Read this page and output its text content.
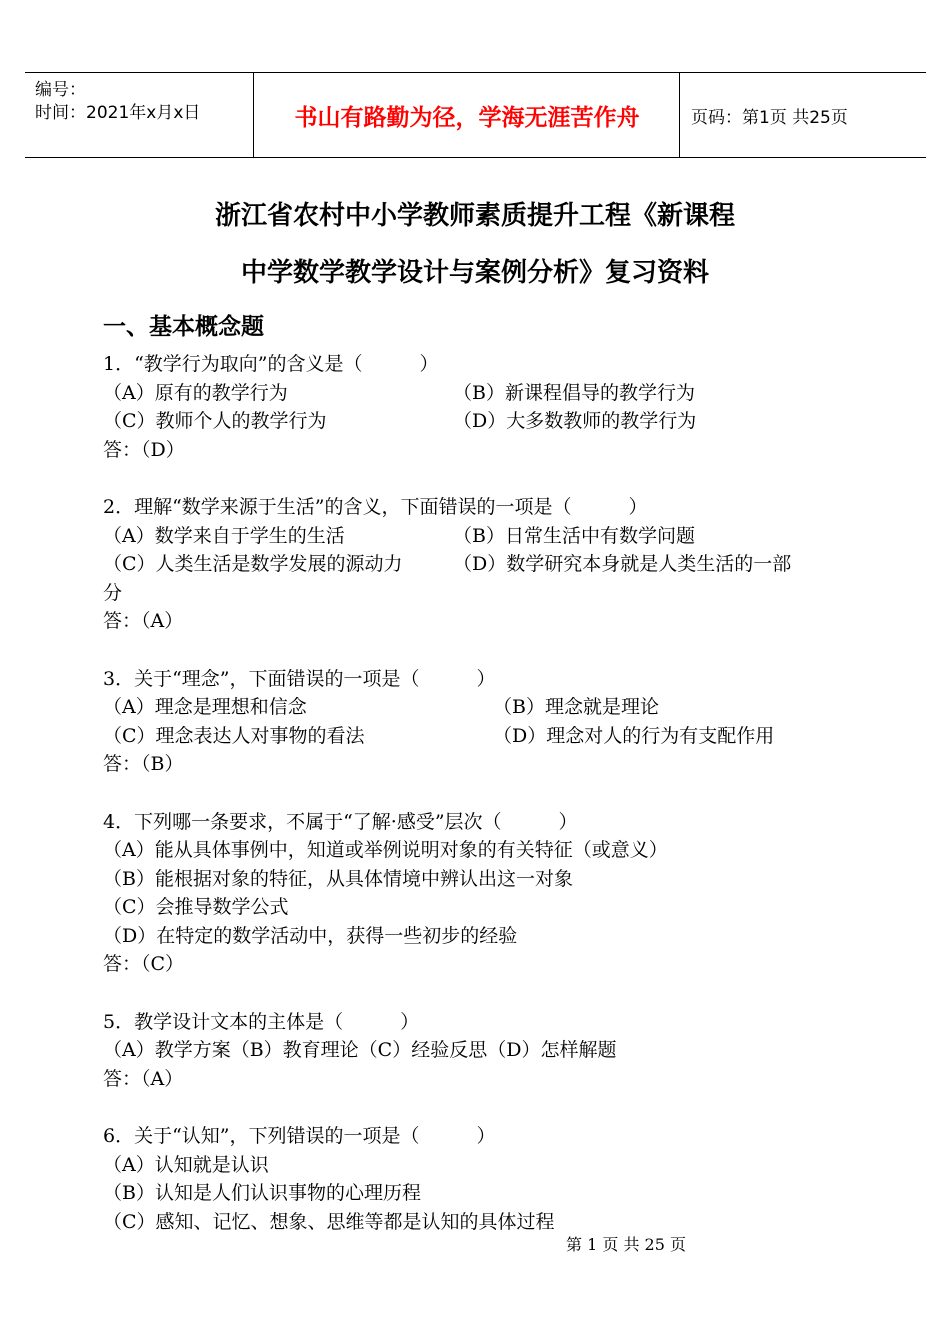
编号：
时间：2021年x月x日	书山有路勤为径，学海无涯苦作舟	页码：第1页 共25页
浙江省农村中小学教师素质提升工程《新课程
中学数学教学设计与案例分析》复习资料
一、基本概念题
1．“教学行为取向”的含义是（　　　）
（A）原有的教学行为	（B）新课程倡导的教学行为
（C）教师个人的教学行为	（D）大多数教师的教学行为
答：（D）
2．理解“数学来源于生活”的含义，下面错误的一项是（　　　）
（A）数学来自于学生的生活	（B）日常生活中有数学问题
（C）人类生活是数学发展的源动力	（D）数学研究本身就是人类生活的一部
分
答：（A）
3．关于“理念”，下面错误的一项是（　　　）
（A）理念是理想和信念	（B）理念就是理论
（C）理念表达人对事物的看法	（D）理念对人的行为有支配作用
答：（B）
4．下列哪一条要求，不属于“了解·感受”层次（　　　）
（A）能从具体事例中，知道或举例说明对象的有关特征（或意义）
（B）能根据对象的特征，从具体情境中辨认出这一对象
（C）会推导数学公式
（D）在特定的数学活动中，获得一些初步的经验
答：（C）
5．教学设计文本的主体是（　　　）
（A）教学方案（B）教育理论（C）经验反思（D）怎样解题
答：（A）
6．关于“认知”，下列错误的一项是（　　　）
（A）认知就是认识
（B）认知是人们认识事物的心理历程
（C）感知、记忆、想象、思维等都是认知的具体过程
第 1 页 共 25 页
